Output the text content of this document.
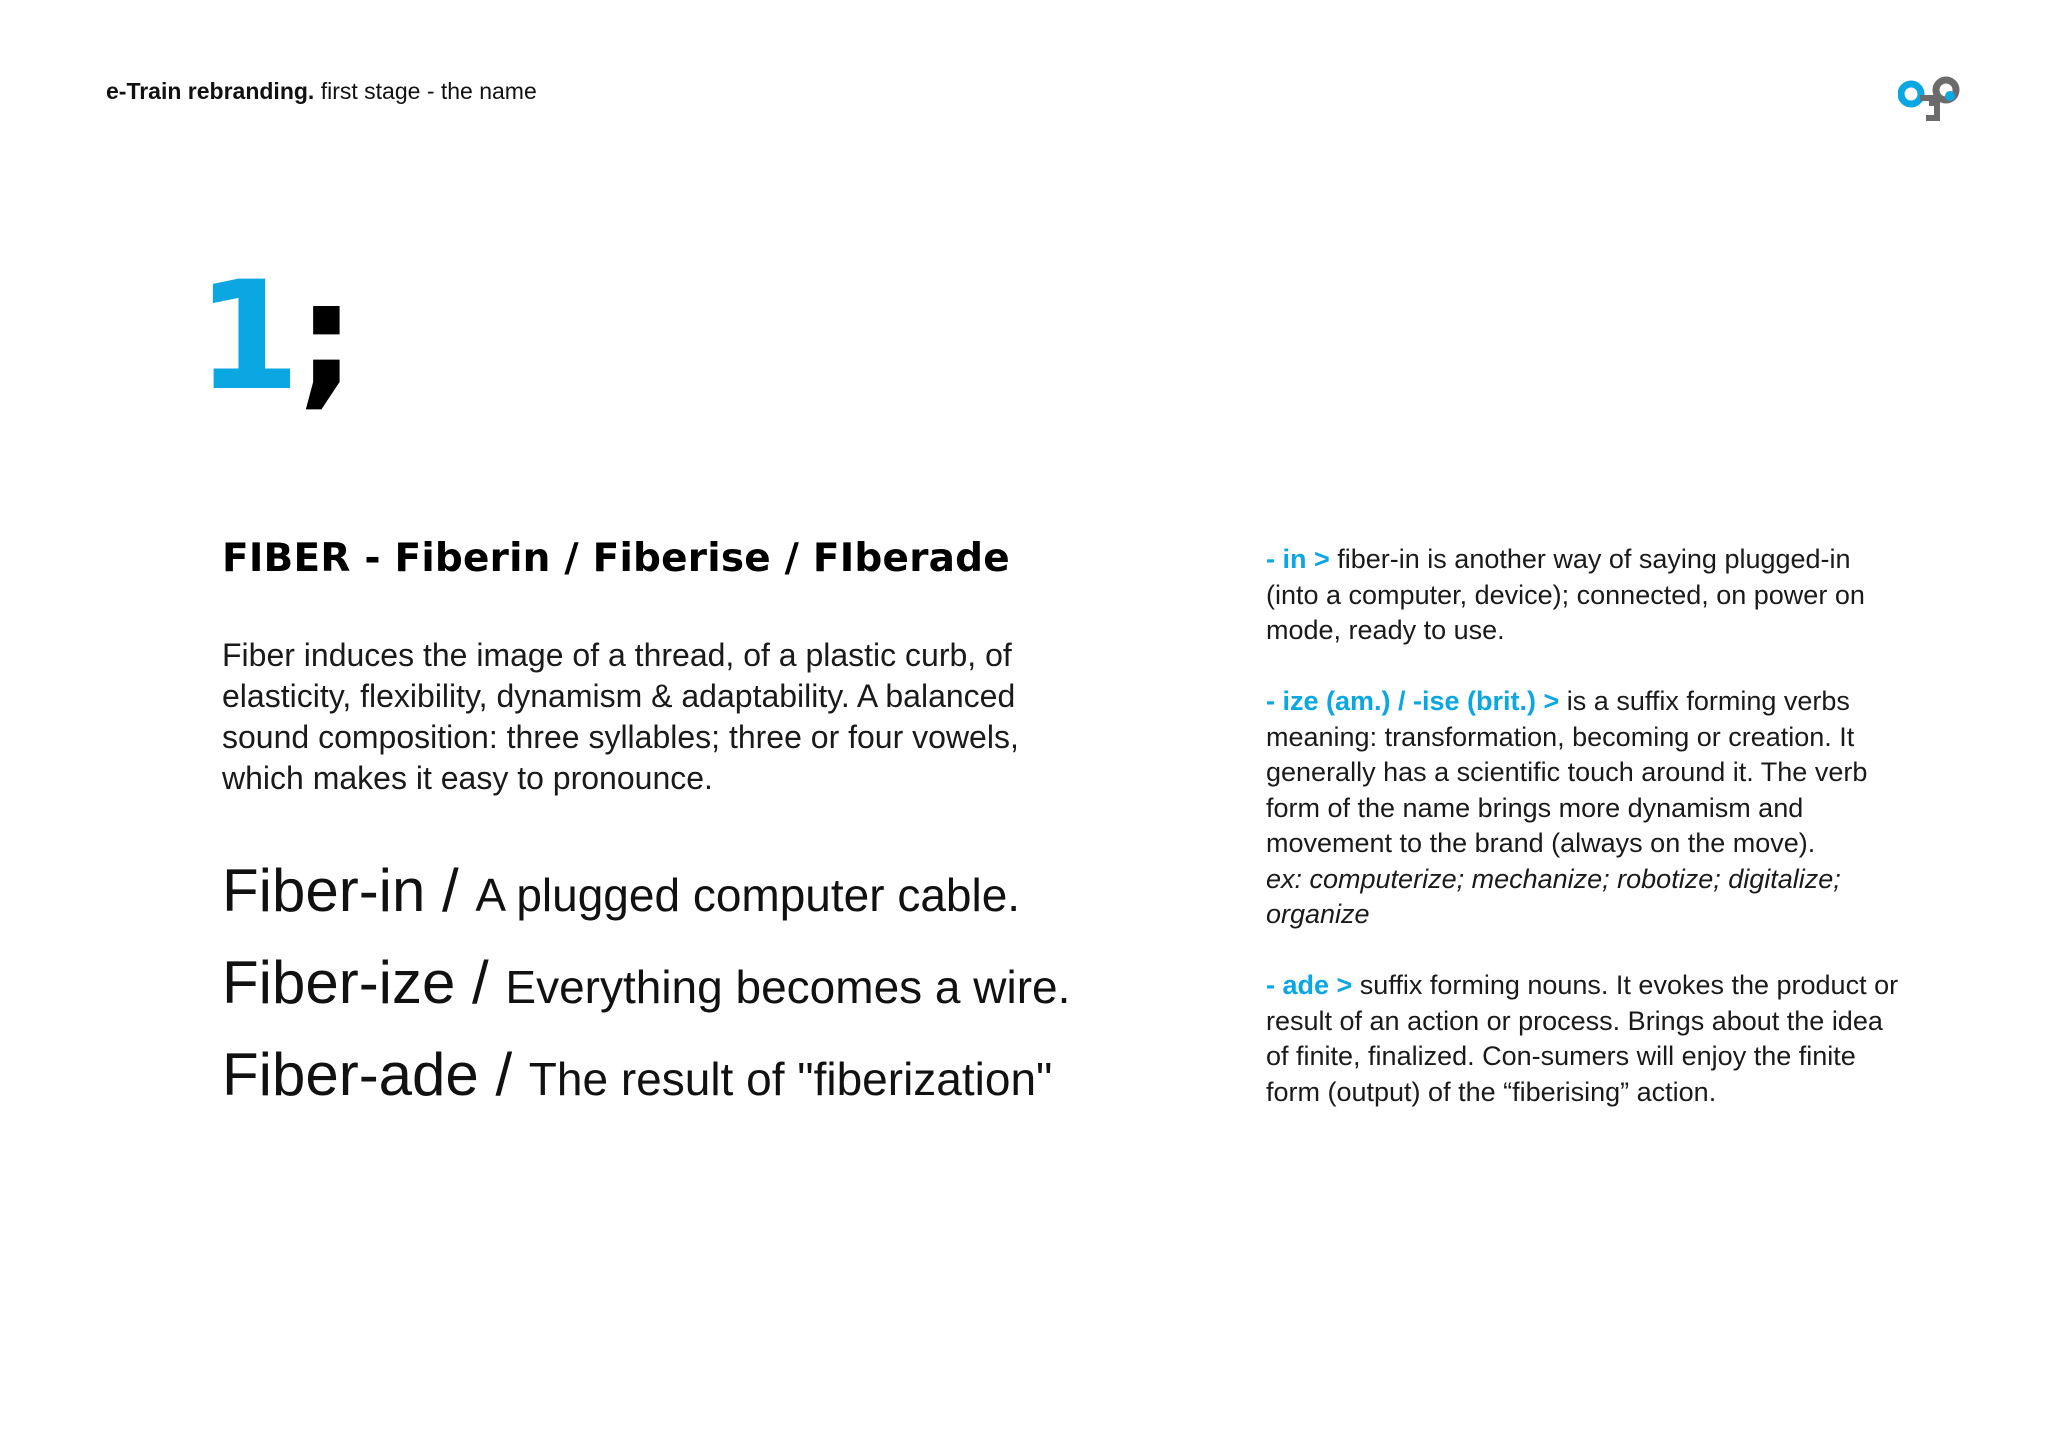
e-Train rebranding. first stage - the name
1;
FIBER - Fiberin / Fiberise / FIberade

Fiber induces the image of a thread, of a plastic curb, of elasticity, flexibility, dynamism & adaptability. A balanced sound composition: three syllables; three or four vowels, which makes it easy to pronounce.

Fiber-in / A plugged computer cable.
Fiber-ize / Everything becomes a wire.
Fiber-ade / The result of "fiberization"

- in > fiber-in is another way of saying plugged-in (into a computer, device); connected, on power on mode, ready to use.

- ize (am.) / -ise (brit.) > is a suffix forming verbs meaning: transformation, becoming or creation. It generally has a scientific touch around it. The verb form of the name brings more dynamism and movement to the brand (always on the move).
ex: computerize; mechanize; robotize; digitalize; organize

- ade > suffix forming nouns. It evokes the product or result of an action or process. Brings about the idea of finite, finalized. Con-sumers will enjoy the finite form (output) of the “fiberising” action.
